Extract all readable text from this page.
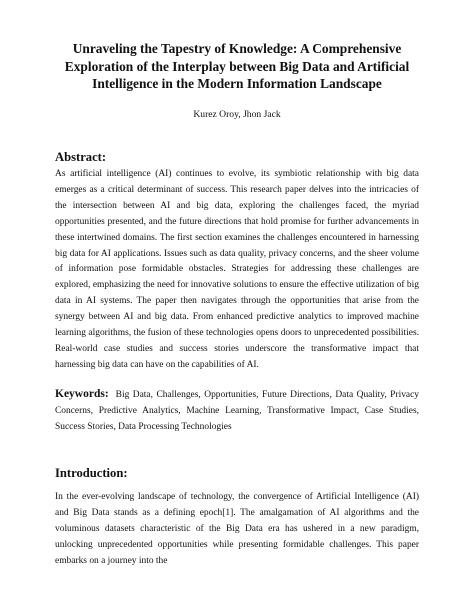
Unraveling the Tapestry of Knowledge: A Comprehensive Exploration of the Interplay between Big Data and Artificial Intelligence in the Modern Information Landscape
Kurez Oroy, Jhon Jack
Abstract:

As artificial intelligence (AI) continues to evolve, its symbiotic relationship with big data emerges as a critical determinant of success. This research paper delves into the intricacies of the intersection between AI and big data, exploring the challenges faced, the myriad opportunities presented, and the future directions that hold promise for further advancements in these intertwined domains. The first section examines the challenges encountered in harnessing big data for AI applications. Issues such as data quality, privacy concerns, and the sheer volume of information pose formidable obstacles. Strategies for addressing these challenges are explored, emphasizing the need for innovative solutions to ensure the effective utilization of big data in AI systems. The paper then navigates through the opportunities that arise from the synergy between AI and big data. From enhanced predictive analytics to improved machine learning algorithms, the fusion of these technologies opens doors to unprecedented possibilities. Real-world case studies and success stories underscore the transformative impact that harnessing big data can have on the capabilities of AI.

Keywords: Big Data, Challenges, Opportunities, Future Directions, Data Quality, Privacy Concerns, Predictive Analytics, Machine Learning, Transformative Impact, Case Studies, Success Stories, Data Processing Technologies

Introduction:

In the ever-evolving landscape of technology, the convergence of Artificial Intelligence (AI) and Big Data stands as a defining epoch[1]. The amalgamation of AI algorithms and the voluminous datasets characteristic of the Big Data era has ushered in a new paradigm, unlocking unprecedented opportunities while presenting formidable challenges. This paper embarks on a journey into the
